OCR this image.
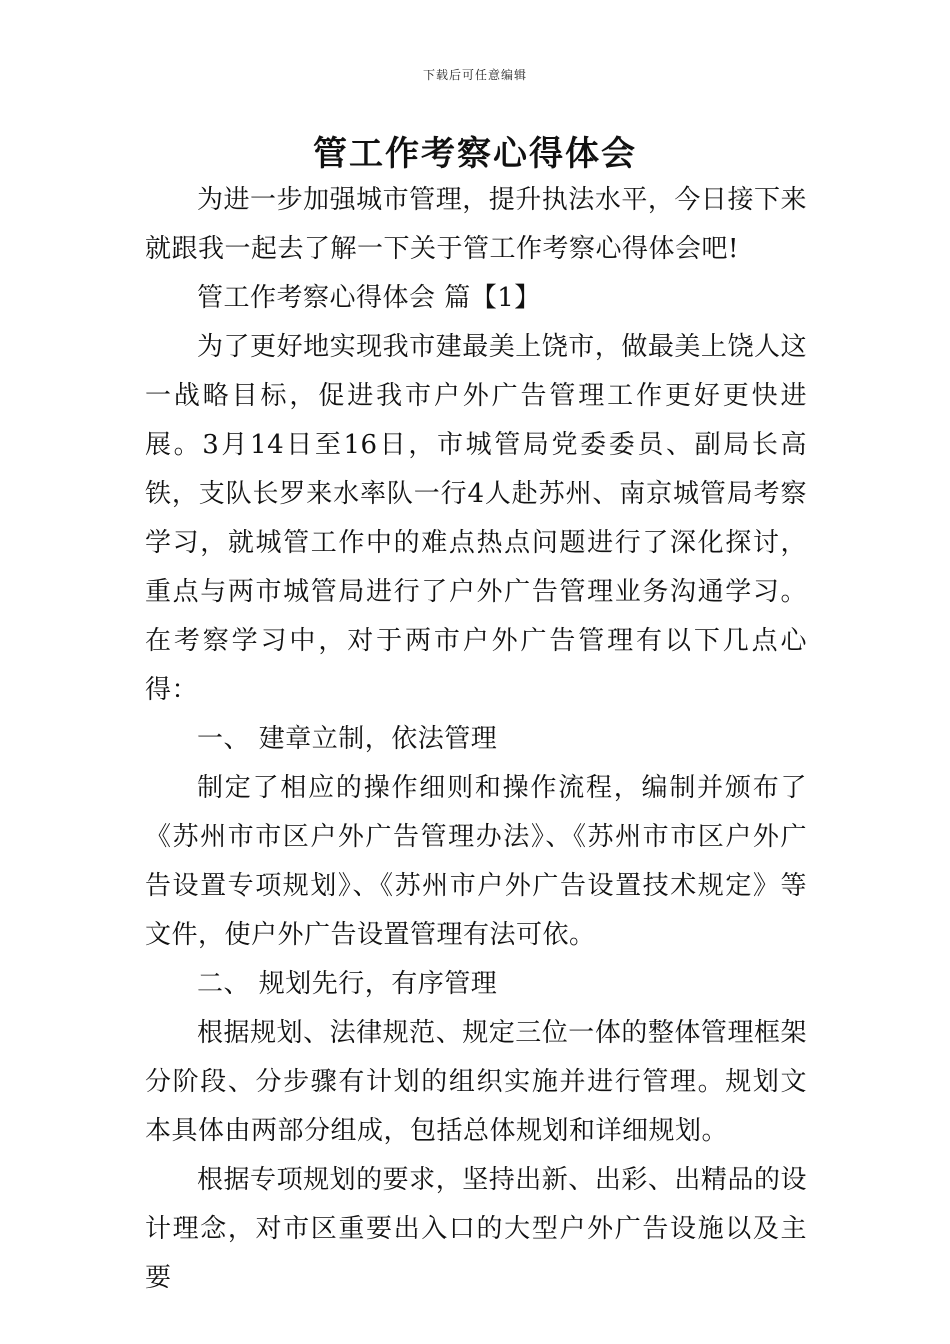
下载后可任意编辑
管工作考察心得体会

为进一步加强城市管理，提升执法水平，今日接下来就跟我一起去了解一下关于管工作考察心得体会吧!

管工作考察心得体会 篇【1】

为了更好地实现我市建最美上饶市，做最美上饶人这一战略目标，促进我市户外广告管理工作更好更快进展。3月14日至16日，市城管局党委委员、副局长高铁，支队长罗来水率队一行4人赴苏州、南京城管局考察学习，就城管工作中的难点热点问题进行了深化探讨，重点与两市城管局进行了户外广告管理业务沟通学习。在考察学习中，对于两市户外广告管理有以下几点心得：

一、 建章立制，依法管理

制定了相应的操作细则和操作流程，编制并颁布了《苏州市市区户外广告管理办法》、《苏州市市区户外广告设置专项规划》、《苏州市户外广告设置技术规定》等文件，使户外广告设置管理有法可依。

二、 规划先行，有序管理

根据规划、法律规范、规定三位一体的整体管理框架分阶段、分步骤有计划的组织实施并进行管理。规划文本具体由两部分组成，包括总体规划和详细规划。

根据专项规划的要求，坚持出新、出彩、出精品的设计理念，对市区重要出入口的大型户外广告设施以及主要
